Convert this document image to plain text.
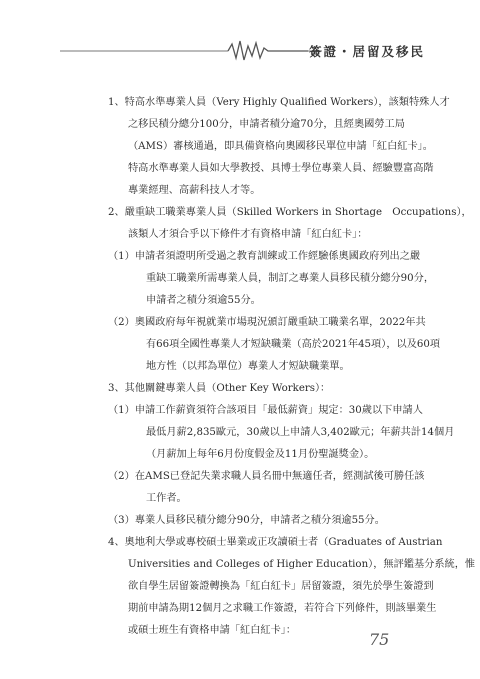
簽證・居留及移民
1、特高水準專業人員（Very Highly Qualified Workers），該類特殊人才
之移民積分總分100分，申請者積分逾70分，且經奧國勞工局
（AMS）審核通過，即具備資格向奧國移民單位申請「紅白紅卡」。
特高水準專業人員如大學教授、具博士學位專業人員、經驗豐富高階
專業經理、高薪科技人才等。
2、嚴重缺工職業專業人員（Skilled Workers in Shortage　Occupations），
該類人才須合乎以下條件才有資格申請「紅白紅卡」：
（1）申請者須證明所受過之教育訓練或工作經驗係奧國政府列出之嚴
重缺工職業所需專業人員，制訂之專業人員移民積分總分90分，
申請者之積分須逾55分。
（2）奧國政府每年視就業市場現況頒訂嚴重缺工職業名單，2022年共
有66項全國性專業人才短缺職業（高於2021年45項），以及60項
地方性（以邦為單位）專業人才短缺職業單。
3、其他關鍵專業人員（Other Key Workers）：
（1）申請工作薪資須符合該項目「最低薪資」規定：30歲以下申請人
最低月薪2,835歐元，30歲以上申請人3,402歐元；年薪共計14個月
（月薪加上每年6月份度假金及11月份聖誕獎金）。
（2）在AMS已登記失業求職人員名冊中無適任者，經測試後可勝任該
工作者。
（3）專業人員移民積分總分90分，申請者之積分須逾55分。
4、奧地利大學或專校碩士畢業或正攻讀碩士者（Graduates of Austrian
Universities and Colleges of Higher Education），無評鑑基分系統，惟
欲自學生居留簽證轉換為「紅白紅卡」居留簽證，須先於學生簽證到
期前申請為期12個月之求職工作簽證，若符合下列條件，則該畢業生
或碩士班生有資格申請「紅白紅卡」：	75
